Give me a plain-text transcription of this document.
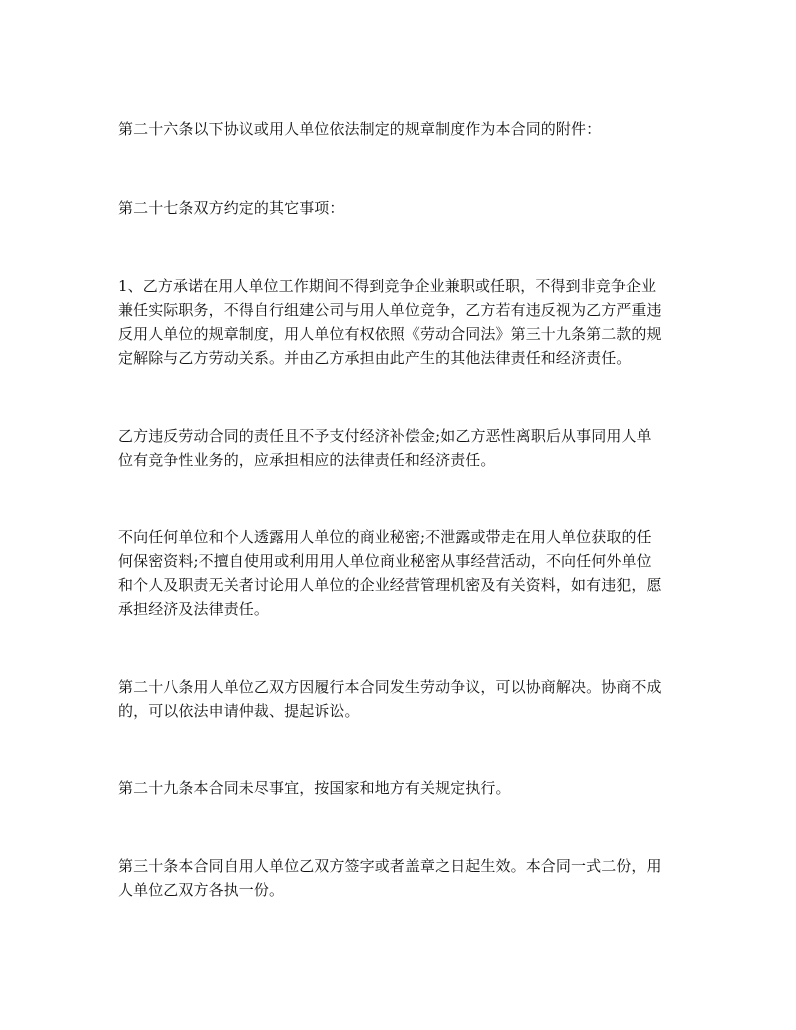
第二十六条以下协议或用人单位依法制定的规章制度作为本合同的附件：

第二十七条双方约定的其它事项：

1、乙方承诺在用人单位工作期间不得到竞争企业兼职或任职，不得到非竞争企业
兼任实际职务，不得自行组建公司与用人单位竞争，乙方若有违反视为乙方严重违
反用人单位的规章制度，用人单位有权依照《劳动合同法》第三十九条第二款的规
定解除与乙方劳动关系。并由乙方承担由此产生的其他法律责任和经济责任。

乙方违反劳动合同的责任且不予支付经济补偿金;如乙方恶性离职后从事同用人单
位有竞争性业务的，应承担相应的法律责任和经济责任。

不向任何单位和个人透露用人单位的商业秘密;不泄露或带走在用人单位获取的任
何保密资料;不擅自使用或利用用人单位商业秘密从事经营活动，不向任何外单位
和个人及职责无关者讨论用人单位的企业经营管理机密及有关资料，如有违犯，愿
承担经济及法律责任。

第二十八条用人单位乙双方因履行本合同发生劳动争议，可以协商解决。协商不成
的，可以依法申请仲裁、提起诉讼。

第二十九条本合同未尽事宜，按国家和地方有关规定执行。

第三十条本合同自用人单位乙双方签字或者盖章之日起生效。本合同一式二份，用
人单位乙双方各执一份。
